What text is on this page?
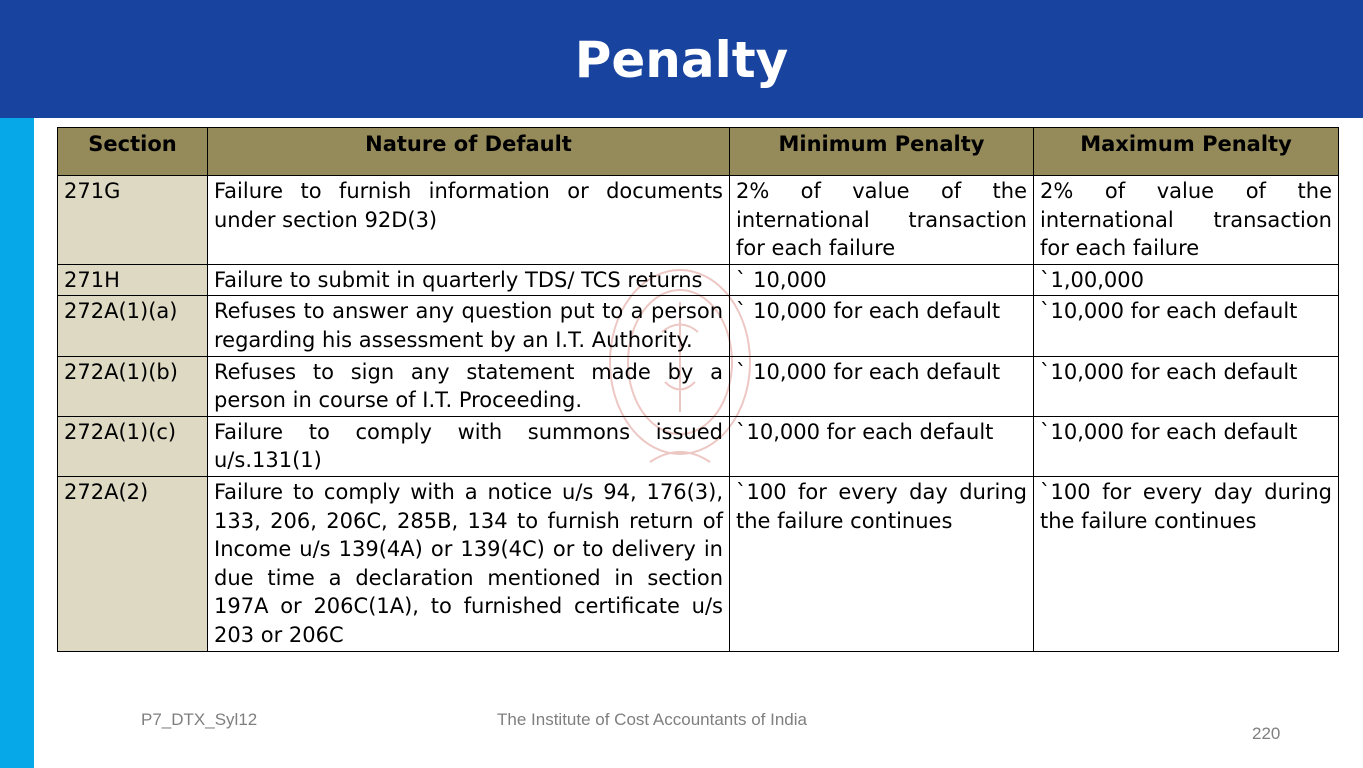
Penalty
Section	Nature of Default	Minimum Penalty	Maximum Penalty
271G	Failure to furnish information or documents under section 92D(3)	2% of value of the international transaction for each failure	2% of value of the international transaction for each failure
271H	Failure to submit in quarterly TDS/ TCS returns	` 10,000	`1,00,000
272A(1)(a)	Refuses to answer any question put to a person regarding his assessment by an I.T. Authority.	` 10,000 for each default	`10,000 for each default
272A(1)(b)	Refuses to sign any statement made by a person in course of I.T. Proceeding.	` 10,000 for each default	`10,000 for each default
272A(1)(c)	Failure to comply with summons issued u/s.131(1)	`10,000 for each default	`10,000 for each default
272A(2)	Failure to comply with a notice u/s 94, 176(3), 133, 206, 206C, 285B, 134 to furnish return of Income u/s 139(4A) or 139(4C) or to delivery in due time a declaration mentioned in section 197A or 206C(1A), to furnished certificate u/s 203 or 206C	`100 for every day during the failure continues	`100 for every day during the failure continues
P7_DTX_Syl12	The Institute of Cost Accountants of India
220
